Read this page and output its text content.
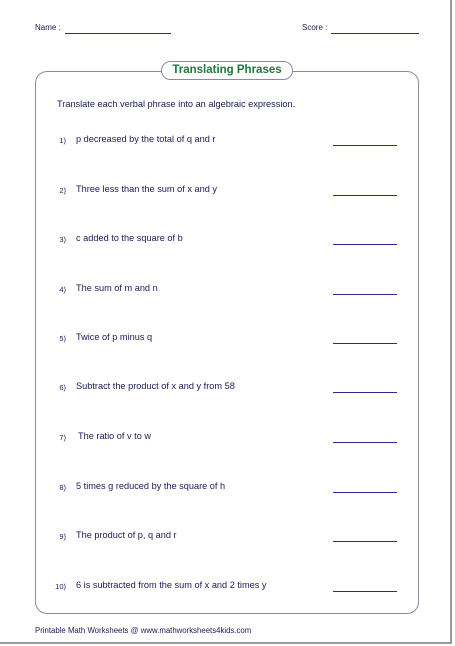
Name :	Score :
Translating Phrases
Translate each verbal phrase into an algebraic expression.
1) p decreased by the total of q and r
2) Three less than the sum of x and y
3) c added to the square of b
4) The sum of m and n
5) Twice of p minus q
6) Subtract the product of x and y from 58
7) The ratio of v to w
8) 5 times g reduced by the square of h
9) The product of p, q and r
10) 6 is subtracted from the sum of x and 2 times y
Printable Math Worksheets @ www.mathworksheets4kids.com
